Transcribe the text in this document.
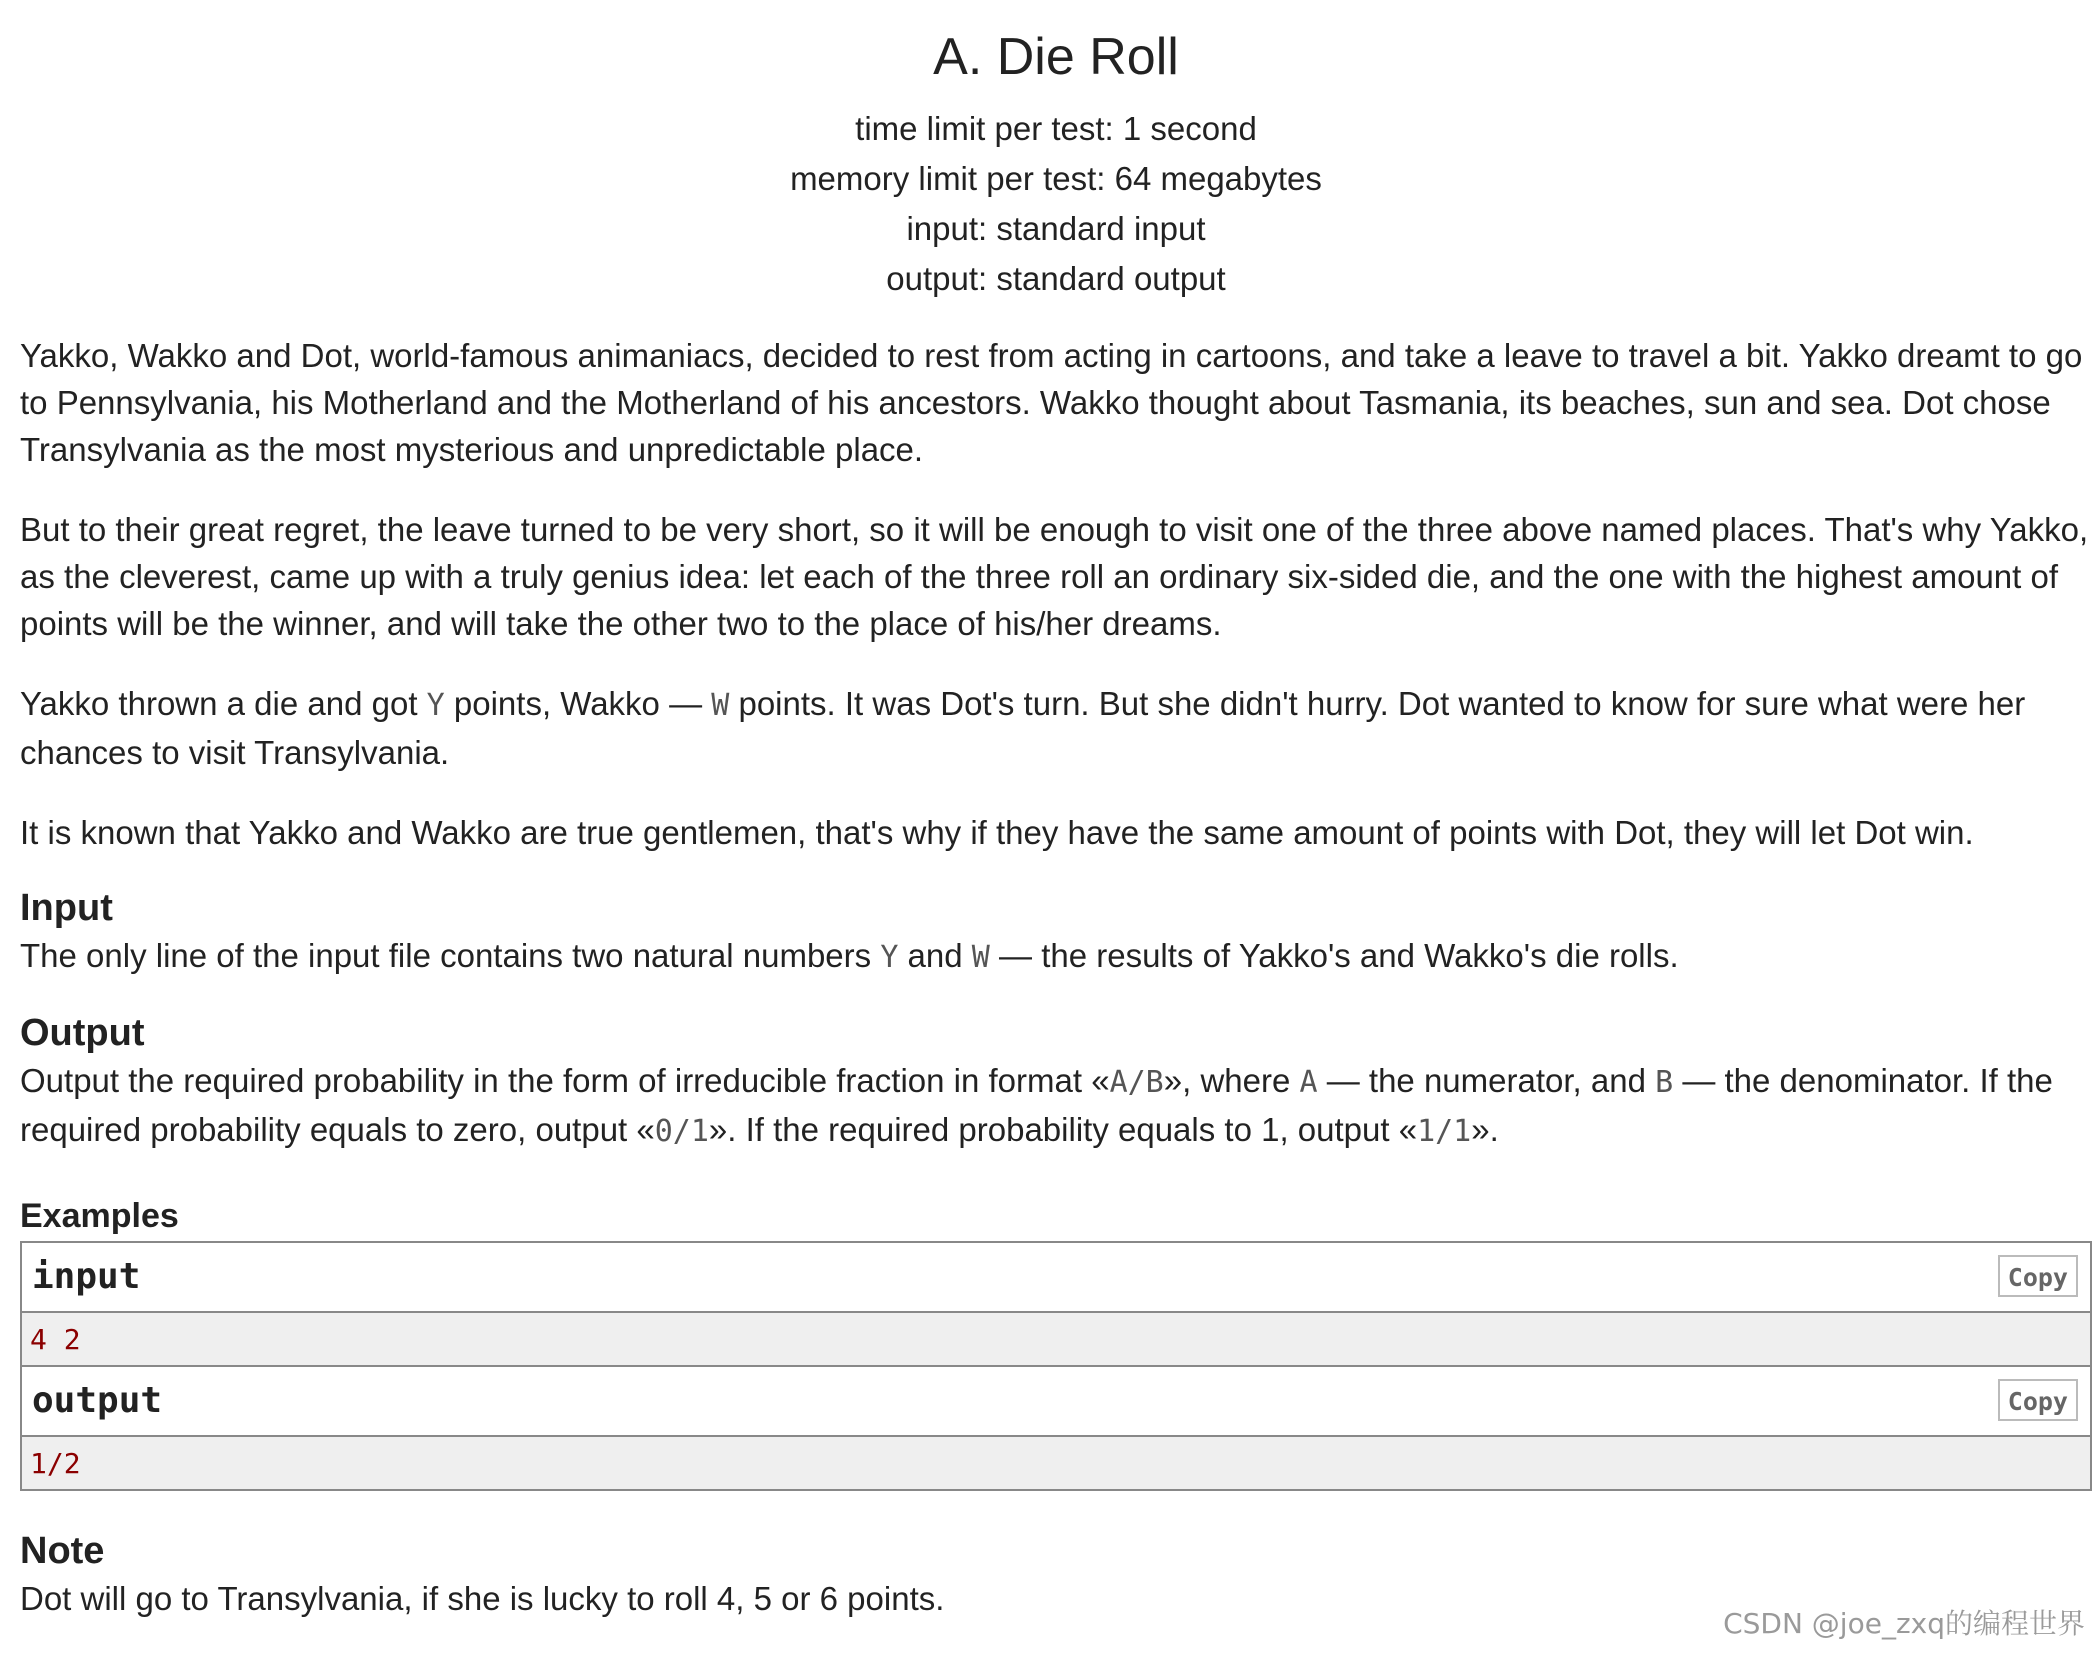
A. Die Roll
time limit per test: 1 second
memory limit per test: 64 megabytes
input: standard input
output: standard output

Yakko, Wakko and Dot, world-famous animaniacs, decided to rest from acting in cartoons, and take a leave to travel a bit. Yakko dreamt to go to Pennsylvania, his Motherland and the Motherland of his ancestors. Wakko thought about Tasmania, its beaches, sun and sea. Dot chose Transylvania as the most mysterious and unpredictable place.

But to their great regret, the leave turned to be very short, so it will be enough to visit one of the three above named places. That's why Yakko, as the cleverest, came up with a truly genius idea: let each of the three roll an ordinary six-sided die, and the one with the highest amount of points will be the winner, and will take the other two to the place of his/her dreams.

Yakko thrown a die and got Y points, Wakko — W points. It was Dot's turn. But she didn't hurry. Dot wanted to know for sure what were her chances to visit Transylvania.

It is known that Yakko and Wakko are true gentlemen, that's why if they have the same amount of points with Dot, they will let Dot win.

Input

The only line of the input file contains two natural numbers Y and W — the results of Yakko's and Wakko's die rolls.

Output

Output the required probability in the form of irreducible fraction in format «A/B», where A — the numerator, and B — the denominator. If the required probability equals to zero, output «0/1». If the required probability equals to 1, output «1/1».

Examples
input	Copy
4 2
output	Copy
1/2
Note

Dot will go to Transylvania, if she is lucky to roll 4, 5 or 6 points.

CSDN @joe_zxq的编程世界
